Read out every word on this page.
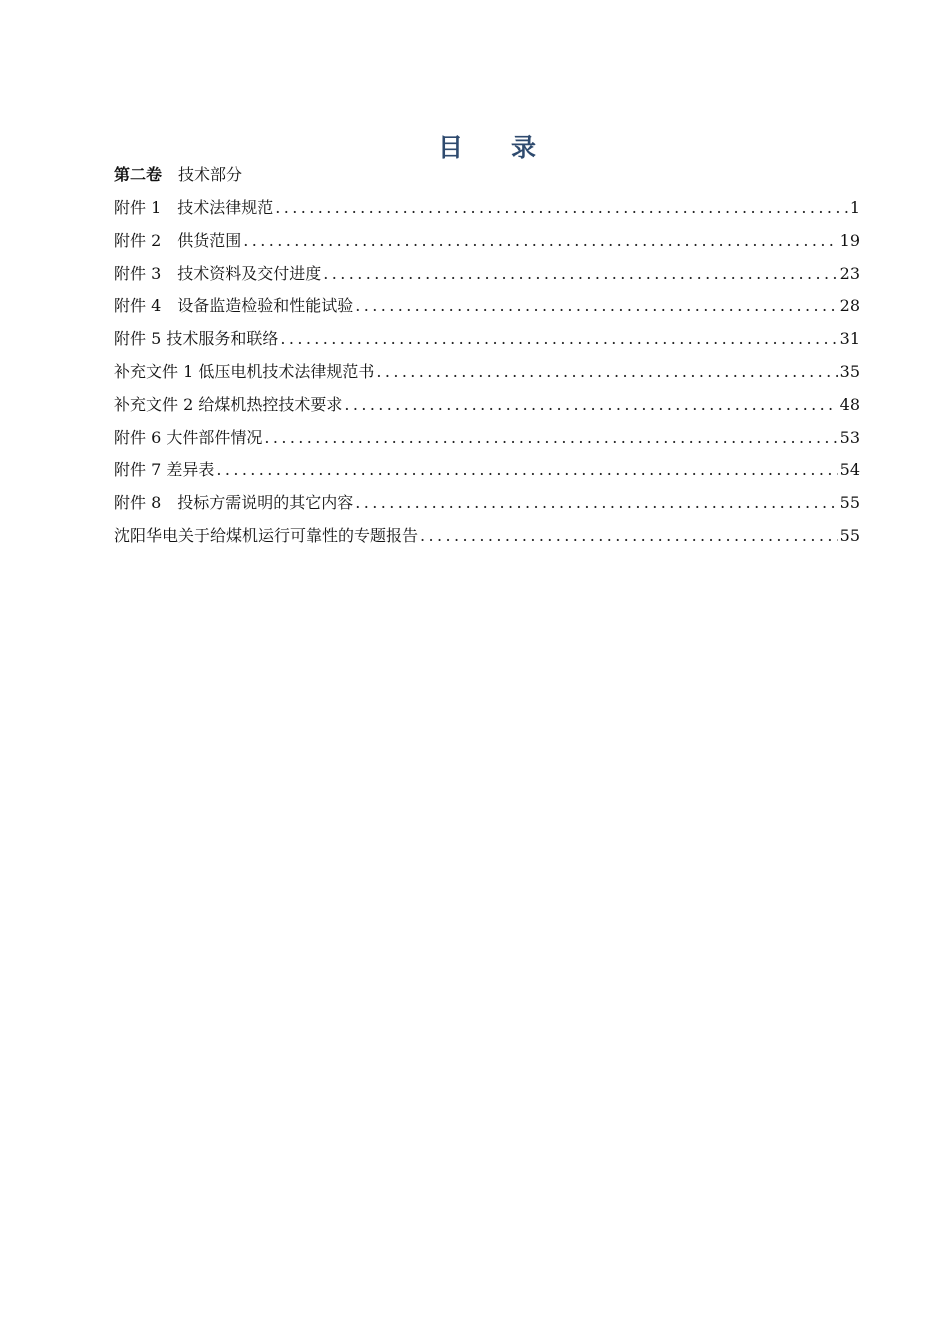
目 录
第二卷 技术部分
附件 1　技术法律规范 .....	1
附件 2　供货范围 .....	19
附件 3　技术资料及交付进度 .....	23
附件 4　设备监造检验和性能试验 .....	28
附件 5 技术服务和联络 .....	31
补充文件 1 低压电机技术法律规范书 .....	35
补充文件 2 给煤机热控技术要求 .....	48
附件 6 大件部件情况 .....	53
附件 7 差异表 .....	54
附件 8　投标方需说明的其它内容 .....	55
沈阳华电关于给煤机运行可靠性的专题报告 .....	55
